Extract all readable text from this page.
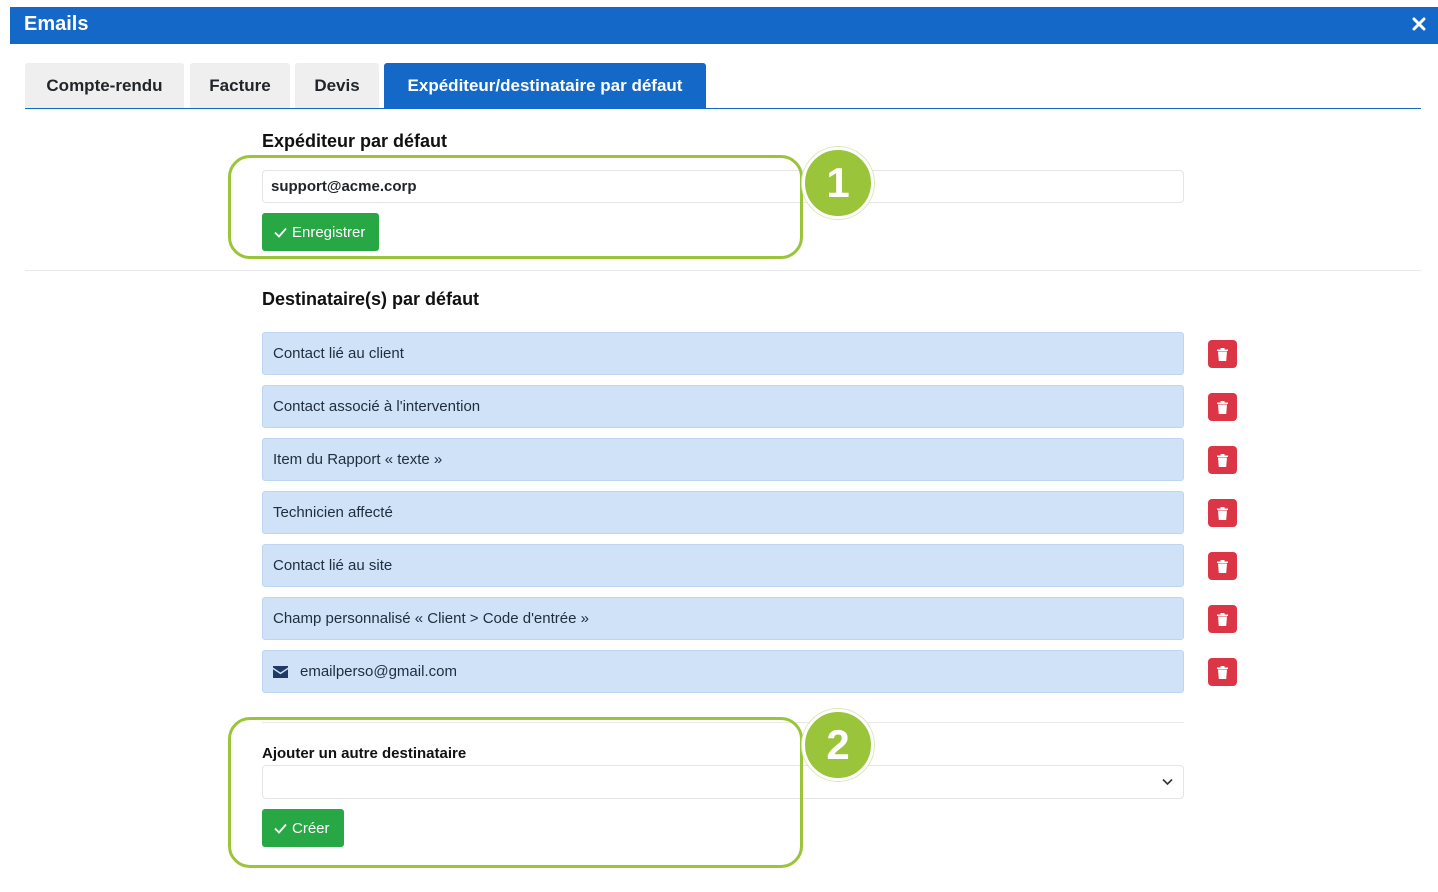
Emails
Compte-rendu	Facture	Devis	Expéditeur/destinataire par défaut
Expéditeur par défaut
support@acme.corp
Enregistrer
Destinataire(s) par défaut
Contact lié au client
Contact associé à l'intervention
Item du Rapport « texte »
Technicien affecté
Contact lié au site
Champ personnalisé « Client > Code d'entrée »
emailperso@gmail.com
Ajouter un autre destinataire
Créer
1
2
